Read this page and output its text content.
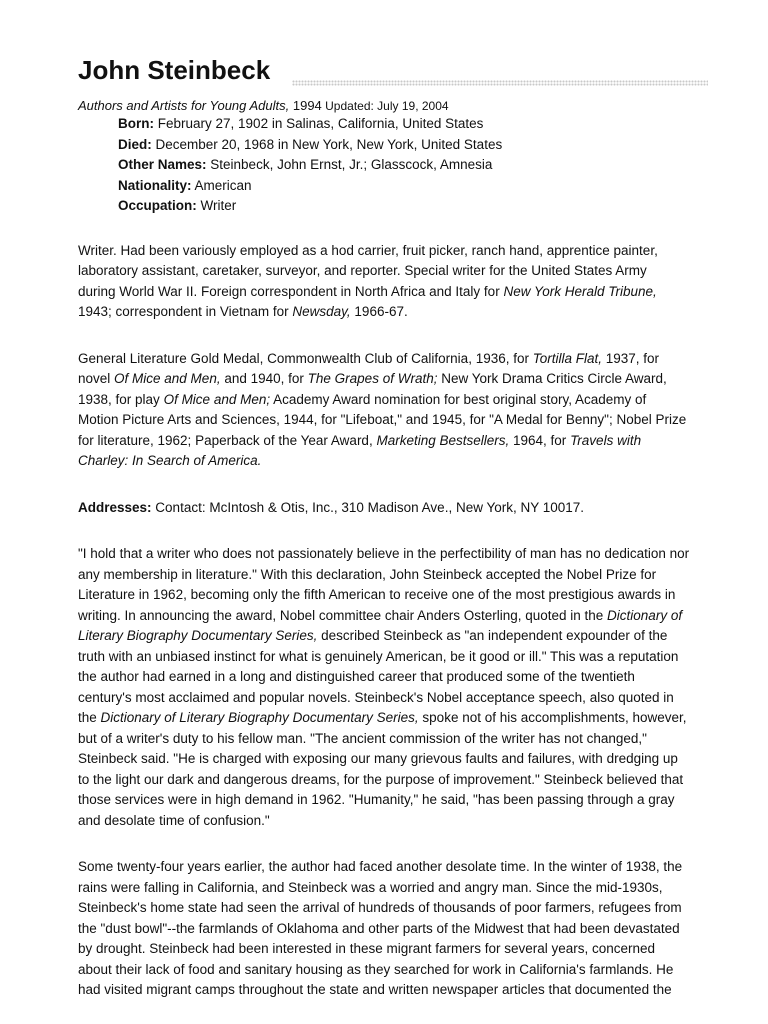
John Steinbeck
Authors and Artists for Young Adults, 1994 Updated: July 19, 2004
Born: February 27, 1902 in Salinas, California, United States
Died: December 20, 1968 in New York, New York, United States
Other Names: Steinbeck, John Ernst, Jr.; Glasscock, Amnesia
Nationality: American
Occupation: Writer

Writer. Had been variously employed as a hod carrier, fruit picker, ranch hand, apprentice painter,
laboratory assistant, caretaker, surveyor, and reporter. Special writer for the United States Army
during World War II. Foreign correspondent in North Africa and Italy for New York Herald Tribune,
1943; correspondent in Vietnam for Newsday, 1966-67.

General Literature Gold Medal, Commonwealth Club of California, 1936, for Tortilla Flat, 1937, for
novel Of Mice and Men, and 1940, for The Grapes of Wrath; New York Drama Critics Circle Award,
1938, for play Of Mice and Men; Academy Award nomination for best original story, Academy of
Motion Picture Arts and Sciences, 1944, for "Lifeboat," and 1945, for "A Medal for Benny"; Nobel Prize
for literature, 1962; Paperback of the Year Award, Marketing Bestsellers, 1964, for Travels with
Charley: In Search of America.

Addresses: Contact: McIntosh & Otis, Inc., 310 Madison Ave., New York, NY 10017.

"I hold that a writer who does not passionately believe in the perfectibility of man has no dedication nor
any membership in literature." With this declaration, John Steinbeck accepted the Nobel Prize for
Literature in 1962, becoming only the fifth American to receive one of the most prestigious awards in
writing. In announcing the award, Nobel committee chair Anders Osterling, quoted in the Dictionary of
Literary Biography Documentary Series, described Steinbeck as "an independent expounder of the
truth with an unbiased instinct for what is genuinely American, be it good or ill." This was a reputation
the author had earned in a long and distinguished career that produced some of the twentieth
century's most acclaimed and popular novels. Steinbeck's Nobel acceptance speech, also quoted in
the Dictionary of Literary Biography Documentary Series, spoke not of his accomplishments, however,
but of a writer's duty to his fellow man. "The ancient commission of the writer has not changed,"
Steinbeck said. "He is charged with exposing our many grievous faults and failures, with dredging up
to the light our dark and dangerous dreams, for the purpose of improvement." Steinbeck believed that
those services were in high demand in 1962. "Humanity," he said, "has been passing through a gray
and desolate time of confusion."

Some twenty-four years earlier, the author had faced another desolate time. In the winter of 1938, the
rains were falling in California, and Steinbeck was a worried and angry man. Since the mid-1930s,
Steinbeck's home state had seen the arrival of hundreds of thousands of poor farmers, refugees from
the "dust bowl"--the farmlands of Oklahoma and other parts of the Midwest that had been devastated
by drought. Steinbeck had been interested in these migrant farmers for several years, concerned
about their lack of food and sanitary housing as they searched for work in California's farmlands. He
had visited migrant camps throughout the state and written newspaper articles that documented the
